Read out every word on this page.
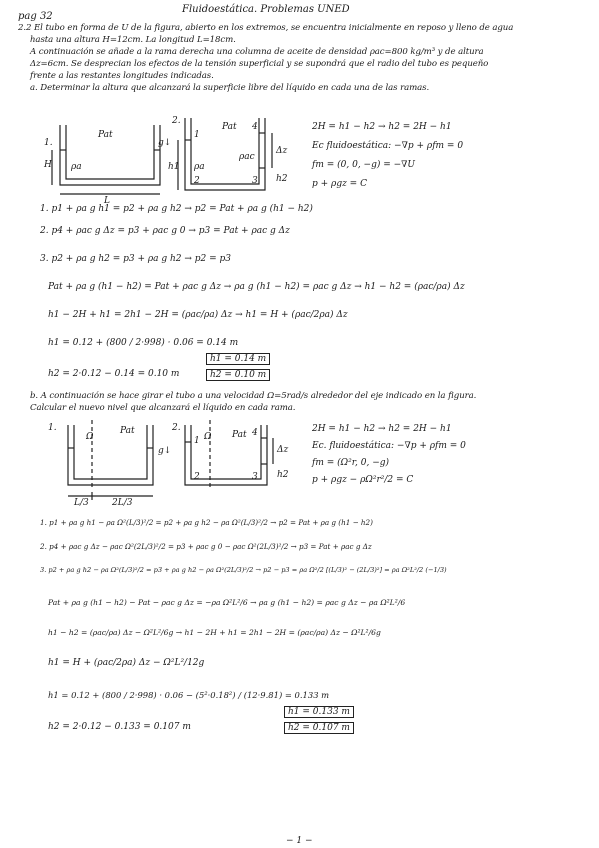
pag 32
Fluidoestática. Problemas UNED
2.2 El tubo en forma de U de la figura, abierto en los extremos, se encuentra inicialmente en reposo y lleno de agua
hasta una altura H=12cm. La longitud L=18cm.
A continuación se añade a la rama derecha una columna de aceite de densidad ρac=800 kg/m³ y de altura
Δz=6cm. Se desprecian los efectos de la tensión superficial y se supondrá que el radio del tubo es pequeño
frente a las restantes longitudes indicadas.
a. Determinar la altura que alcanzará la superficie libre del líquido en cada una de las ramas.
1.
Pat
H ρa
L
2.
Pat
g↓
h1 ρa
ρac
1
2	3
4
Δz
h2
2H = h1 − h2 → h2 = 2H − h1
Ec fluidoestática: −∇p + ρfm = 0
fm = (0, 0, −g) = −∇U
p + ρgz = C
1. p1 + ρa g h1 = p2 + ρa g h2 → p2 = Pat + ρa g (h1 − h2)
2. p4 + ρac g Δz = p3 + ρac g 0 → p3 = Pat + ρac g Δz
3. p2 + ρa g h2 = p3 + ρa g h2 → p2 = p3
Pat + ρa g (h1 − h2) = Pat + ρac g Δz → ρa g (h1 − h2) = ρac g Δz → h1 − h2 = (ρac/ρa) Δz
h1 − 2H + h1 = 2h1 − 2H = (ρac/ρa) Δz → h1 = H + (ρac/2ρa) Δz
h1 = 0.12 + (800 / 2·998) · 0.06 = 0.14 m
h1 = 0.14 m
h2 = 2·0.12 − 0.14 = 0.10 m	h2 = 0.10 m
b. A continuación se hace girar el tubo a una velocidad Ω=5rad/s alrededor del eje indicado en la figura.
Calcular el nuevo nivel que alcanzará el líquido en cada rama.
1.
Ω
Pat
L/3	2L/3
2.
Ω Pat
g↓
1
2	3
4
Δz
h2
2H = h1 − h2 → h2 = 2H − h1
Ec. fluidoestática: −∇p + ρfm = 0
fm = (Ω²r, 0, −g)
p + ρgz − ρΩ²r²/2 = C
1. p1 + ρa g h1 − ρa Ω²(L/3)²/2 = p2 + ρa g h2 − ρa Ω²(L/3)²/2 → p2 = Pat + ρa g (h1 − h2)
2. p4 + ρac g Δz − ρac Ω²(2L/3)²/2 = p3 + ρac g 0 − ρac Ω²(2L/3)²/2 → p3 = Pat + ρac g Δz
3. p2 + ρa g h2 − ρa Ω²(L/3)²/2 = p3 + ρa g h2 − ρa Ω²(2L/3)²/2 → p2 − p3 = ρa Ω²/2 [(L/3)² − (2L/3)²] = ρa Ω²L²/2 (−1/3)
Pat + ρa g (h1 − h2) − Pat − ρac g Δz = −ρa Ω²L²/6 → ρa g (h1 − h2) = ρac g Δz − ρa Ω²L²/6
h1 − h2 = (ρac/ρa) Δz − Ω²L²/6g → h1 − 2H + h1 = 2h1 − 2H = (ρac/ρa) Δz − Ω²L²/6g
h1 = H + (ρac/2ρa) Δz − Ω²L²/12g
h1 = 0.12 + (800 / 2·998) · 0.06 − (5²·0.18²) / (12·9.81) = 0.133 m
h1 = 0.133 m
h2 = 2·0.12 − 0.133 = 0.107 m	h2 = 0.107 m
− 1 −
